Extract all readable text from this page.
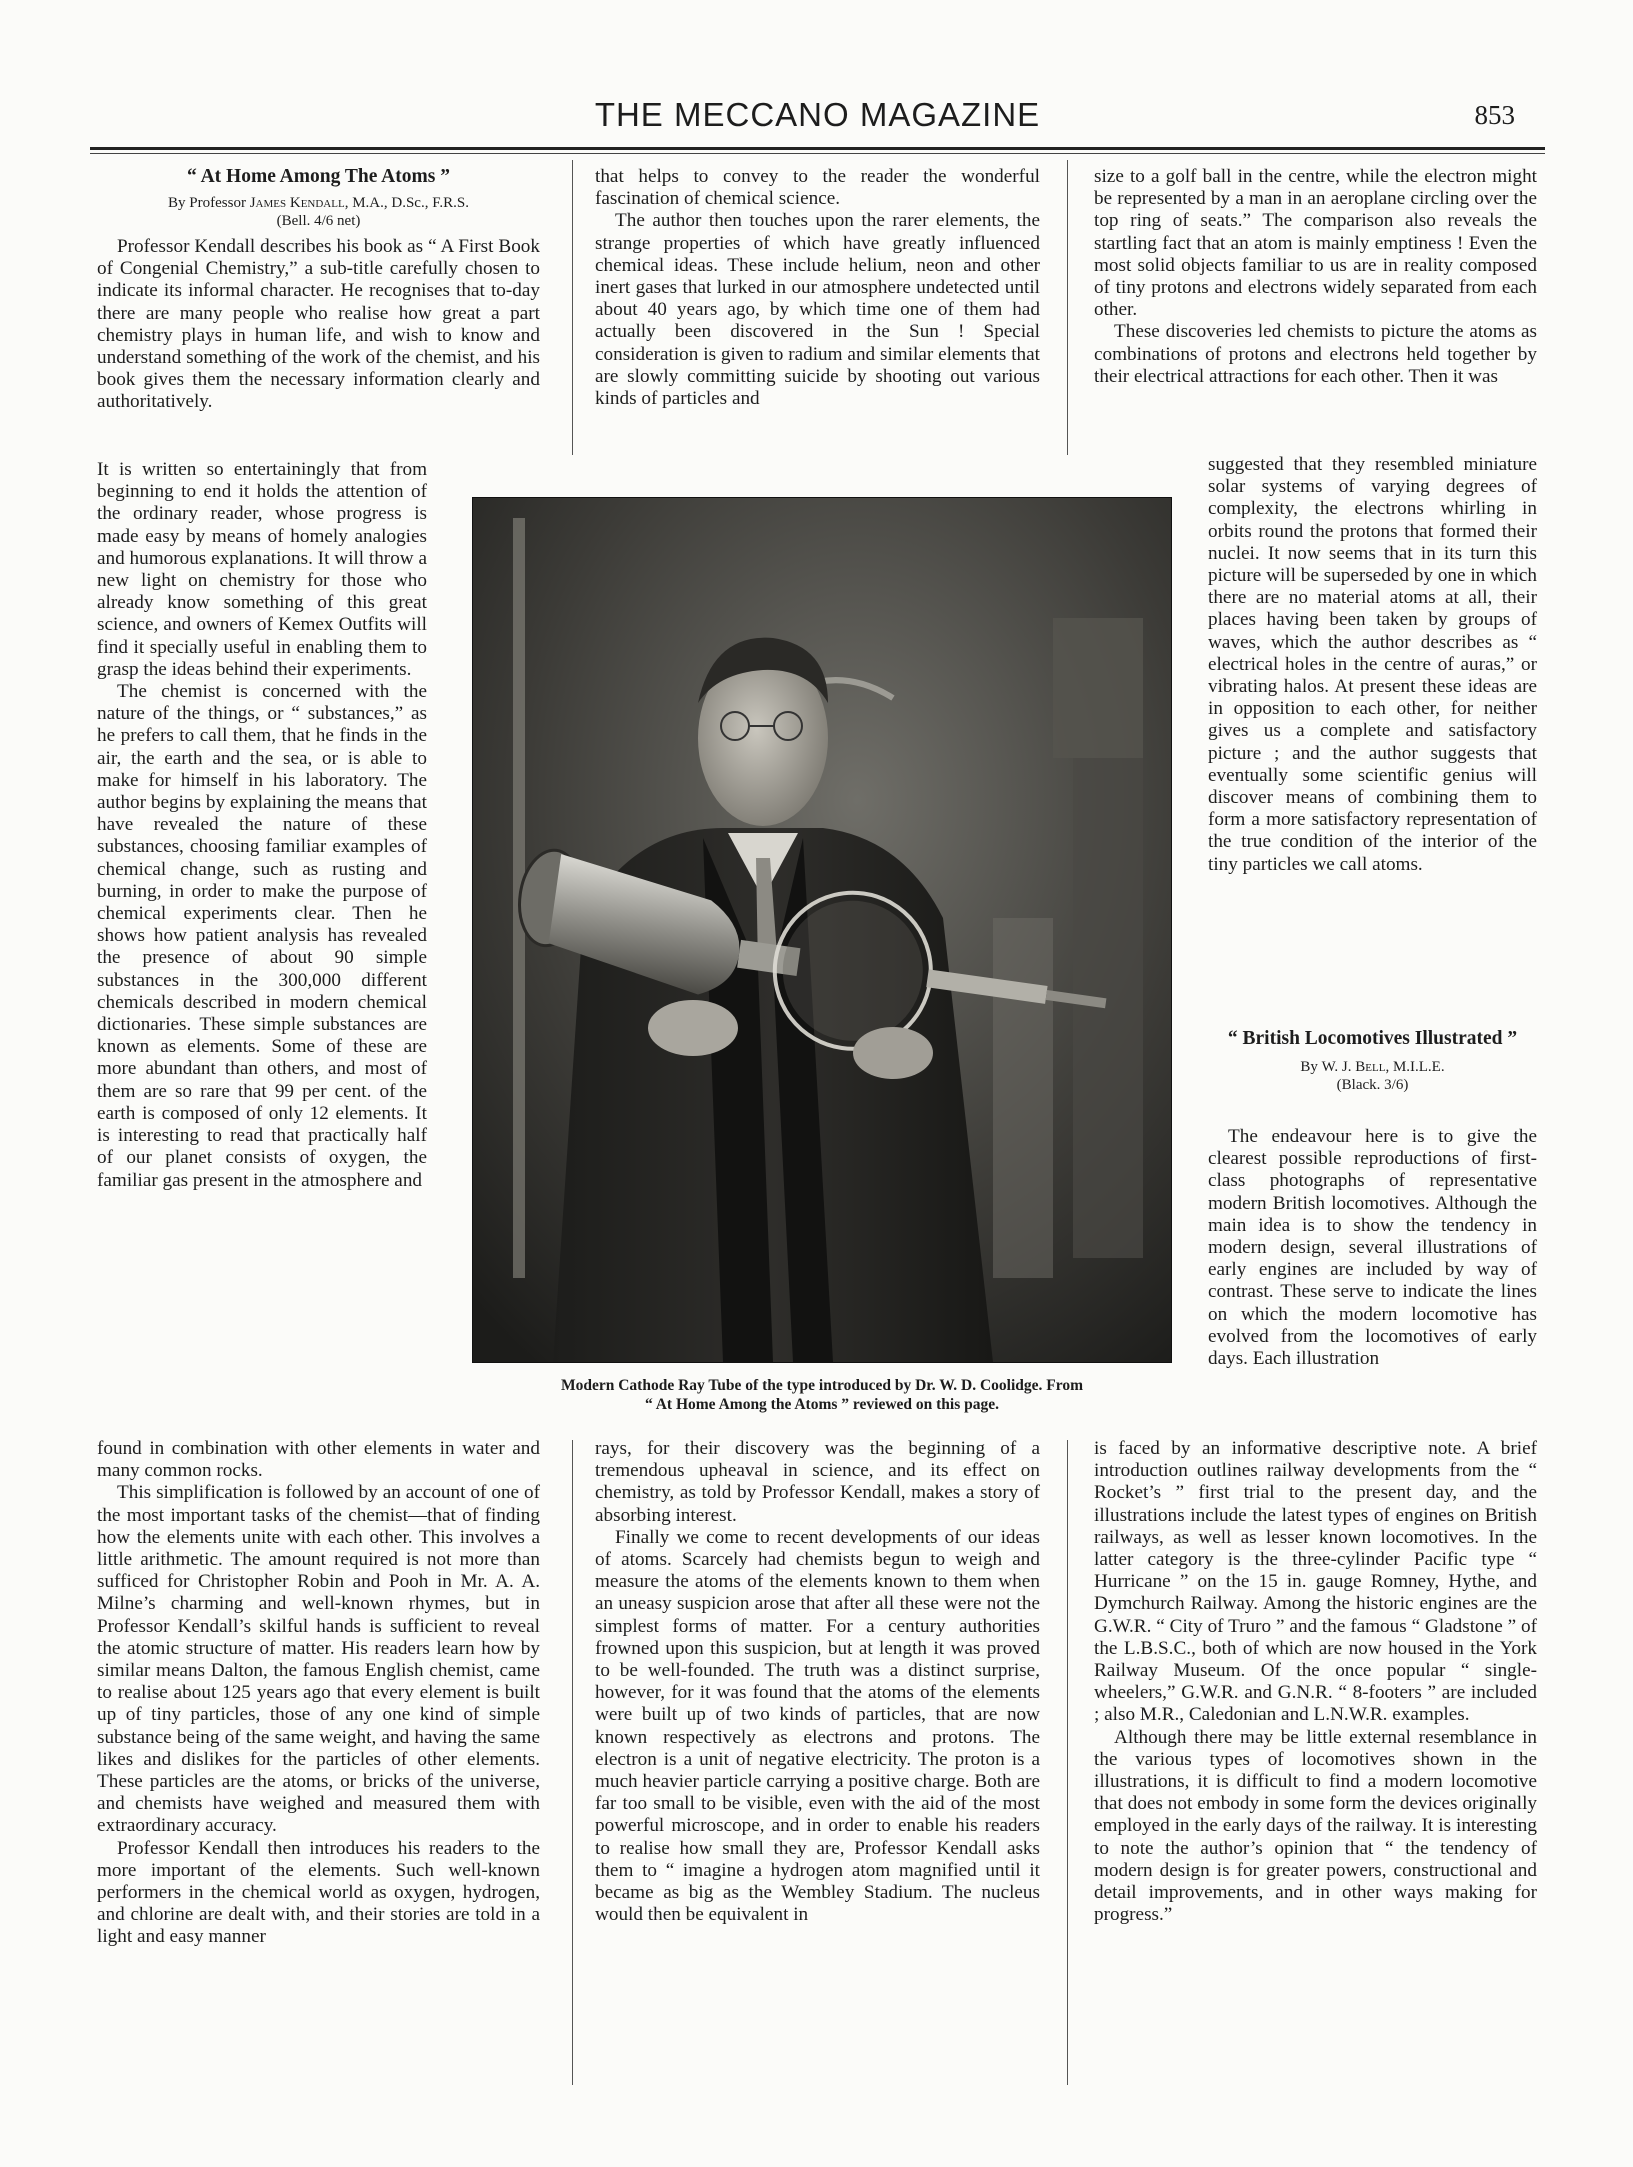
THE MECCANO MAGAZINE	853

“ At Home Among The Atoms ”

By Professor James Kendall, M.A., D.Sc., F.R.S.

(Bell. 4/6 net)

Professor Kendall describes his book as “ A First Book of Congenial Chemistry,” a sub-title carefully chosen to indicate its informal character. He recognises that to-day there are many people who realise how great a part chemistry plays in human life, and wish to know and understand something of the work of the chemist, and his book gives them the necessary information clearly and authoritatively.

It is written so entertainingly that from beginning to end it holds the attention of the ordinary reader, whose progress is made easy by means of homely analogies and humorous explanations. It will throw a new light on chemistry for those who already know something of this great science, and owners of Kemex Outfits will find it specially useful in enabling them to grasp the ideas behind their experiments.

The chemist is concerned with the nature of the things, or “ substances,” as he prefers to call them, that he finds in the air, the earth and the sea, or is able to make for himself in his laboratory. The author begins by explaining the means that have revealed the nature of these substances, choosing familiar examples of chemical change, such as rusting and burning, in order to make the purpose of chemical experiments clear. Then he shows how patient analysis has revealed the presence of about 90 simple substances in the 300,000 different chemicals described in modern chemical dictionaries. These simple substances are known as elements. Some of these are more abundant than others, and most of them are so rare that 99 per cent. of the earth is composed of only 12 elements. It is interesting to read that practically half of our planet consists of oxygen, the familiar gas present in the atmosphere and

found in combination with other elements in water and many common rocks.

This simplification is followed by an account of one of the most important tasks of the chemist—that of finding how the elements unite with each other. This involves a little arithmetic. The amount required is not more than sufficed for Christopher Robin and Pooh in Mr. A. A. Milne’s charming and well-known rhymes, but in Professor Kendall’s skilful hands is sufficient to reveal the atomic structure of matter. His readers learn how by similar means Dalton, the famous English chemist, came to realise about 125 years ago that every element is built up of tiny particles, those of any one kind of simple substance being of the same weight, and having the same likes and dislikes for the particles of other elements. These particles are the atoms, or bricks of the universe, and chemists have weighed and measured them with extraordinary accuracy.

Professor Kendall then introduces his readers to the more important of the elements. Such well-known performers in the chemical world as oxygen, hydrogen, and chlorine are dealt with, and their stories are told in a light and easy manner

that helps to convey to the reader the wonderful fascination of chemical science.

The author then touches upon the rarer elements, the strange properties of which have greatly influenced chemical ideas. These include helium, neon and other inert gases that lurked in our atmosphere undetected until about 40 years ago, by which time one of them had actually been discovered in the Sun ! Special consideration is given to radium and similar elements that are slowly committing suicide by shooting out various kinds of particles and

rays, for their discovery was the beginning of a tremendous upheaval in science, and its effect on chemistry, as told by Professor Kendall, makes a story of absorbing interest.

Finally we come to recent developments of our ideas of atoms. Scarcely had chemists begun to weigh and measure the atoms of the elements known to them when an uneasy suspicion arose that after all these were not the simplest forms of matter. For a century authorities frowned upon this suspicion, but at length it was proved to be well-founded. The truth was a distinct surprise, however, for it was found that the atoms of the elements were built up of two kinds of particles, that are now known respectively as electrons and protons. The electron is a unit of negative electricity. The proton is a much heavier particle carrying a positive charge. Both are far too small to be visible, even with the aid of the most powerful microscope, and in order to enable his readers to realise how small they are, Professor Kendall asks them to “ imagine a hydrogen atom magnified until it became as big as the Wembley Stadium. The nucleus would then be equivalent in

size to a golf ball in the centre, while the electron might be represented by a man in an aeroplane circling over the top ring of seats.” The comparison also reveals the startling fact that an atom is mainly emptiness ! Even the most solid objects familiar to us are in reality composed of tiny protons and electrons widely separated from each other.

These discoveries led chemists to picture the atoms as combinations of protons and electrons held together by their electrical attractions for each other. Then it was

suggested that they resembled miniature solar systems of varying degrees of complexity, the electrons whirling in orbits round the protons that formed their nuclei. It now seems that in its turn this picture will be superseded by one in which there are no material atoms at all, their places having been taken by groups of waves, which the author describes as “ electrical holes in the centre of auras,” or vibrating halos. At present these ideas are in opposition to each other, for neither gives us a complete and satisfactory picture ; and the author suggests that eventually some scientific genius will discover means of combining them to form a more satisfactory representation of the true condition of the interior of the tiny particles we call atoms.

“ British Locomotives Illustrated ”

By W. J. Bell, M.I.L.E.

(Black. 3/6)

The endeavour here is to give the clearest possible reproductions of first-class photographs of representative modern British locomotives. Although the main idea is to show the tendency in modern design, several illustrations of early engines are included by way of contrast. These serve to indicate the lines on which the modern locomotive has evolved from the locomotives of early days. Each illustration

is faced by an informative descriptive note. A brief introduction outlines railway developments from the “ Rocket’s ” first trial to the present day, and the illustrations include the latest types of engines on British railways, as well as lesser known locomotives. In the latter category is the three-cylinder Pacific type “ Hurricane ” on the 15 in. gauge Romney, Hythe, and Dymchurch Railway. Among the historic engines are the G.W.R. “ City of Truro ” and the famous “ Gladstone ” of the L.B.S.C., both of which are now housed in the York Railway Museum. Of the once popular “ single-wheelers,” G.W.R. and G.N.R. “ 8-footers ” are included ; also M.R., Caledonian and L.N.W.R. examples.

Although there may be little external resemblance in the various types of locomotives shown in the illustrations, it is difficult to find a modern locomotive that does not embody in some form the devices originally employed in the early days of the railway. It is interesting to note the author’s opinion that “ the tendency of modern design is for greater powers, constructional and detail improvements, and in other ways making for progress.”

Modern Cathode Ray Tube of the type introduced by Dr. W. D. Coolidge. From
“ At Home Among the Atoms ” reviewed on this page.
